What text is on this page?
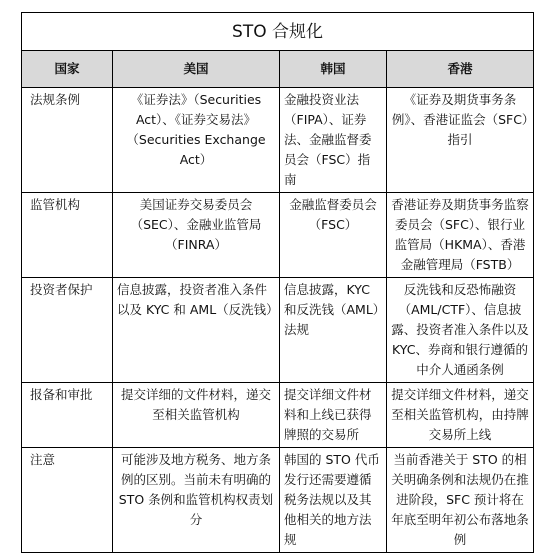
STO 合规化			
国家	美国	韩国	香港
法规条例	《证券法》（Securities Act）、《证券交易法》（Securities Exchange Act）	金融投资业法（FIPA）、证券法、金融监督委员会（FSC）指南	《证券及期货事务条例》、香港证监会（SFC）指引
监管机构	美国证券交易委员会（SEC）、金融业监管局（FINRA）	金融监督委员会（FSC）	香港证券及期货事务监察委员会（SFC）、银行业监管局（HKMA）、香港金融管理局（FSTB）
投资者保护	信息披露，投资者准入条件以及 KYC 和 AML（反洗钱）	信息披露，KYC 和反洗钱（AML）法规	反洗钱和反恐怖融资（AML/CTF）、信息披露、投资者准入条件以及 KYC、券商和银行遵循的中介人通函条例
报备和审批	提交详细的文件材料，递交至相关监管机构	提交详细文件材料和上线已获得牌照的交易所	提交详细文件材料，递交至相关监管机构，由持牌交易所上线
注意	可能涉及地方税务、地方条例的区别。当前未有明确的 STO 条例和监管机构权责划分	韩国的 STO 代币发行还需要遵循税务法规以及其他相关的地方法规	当前香港关于 STO 的相关明确条例和法规仍在推进阶段，SFC 预计将在年底至明年初公布落地条例
